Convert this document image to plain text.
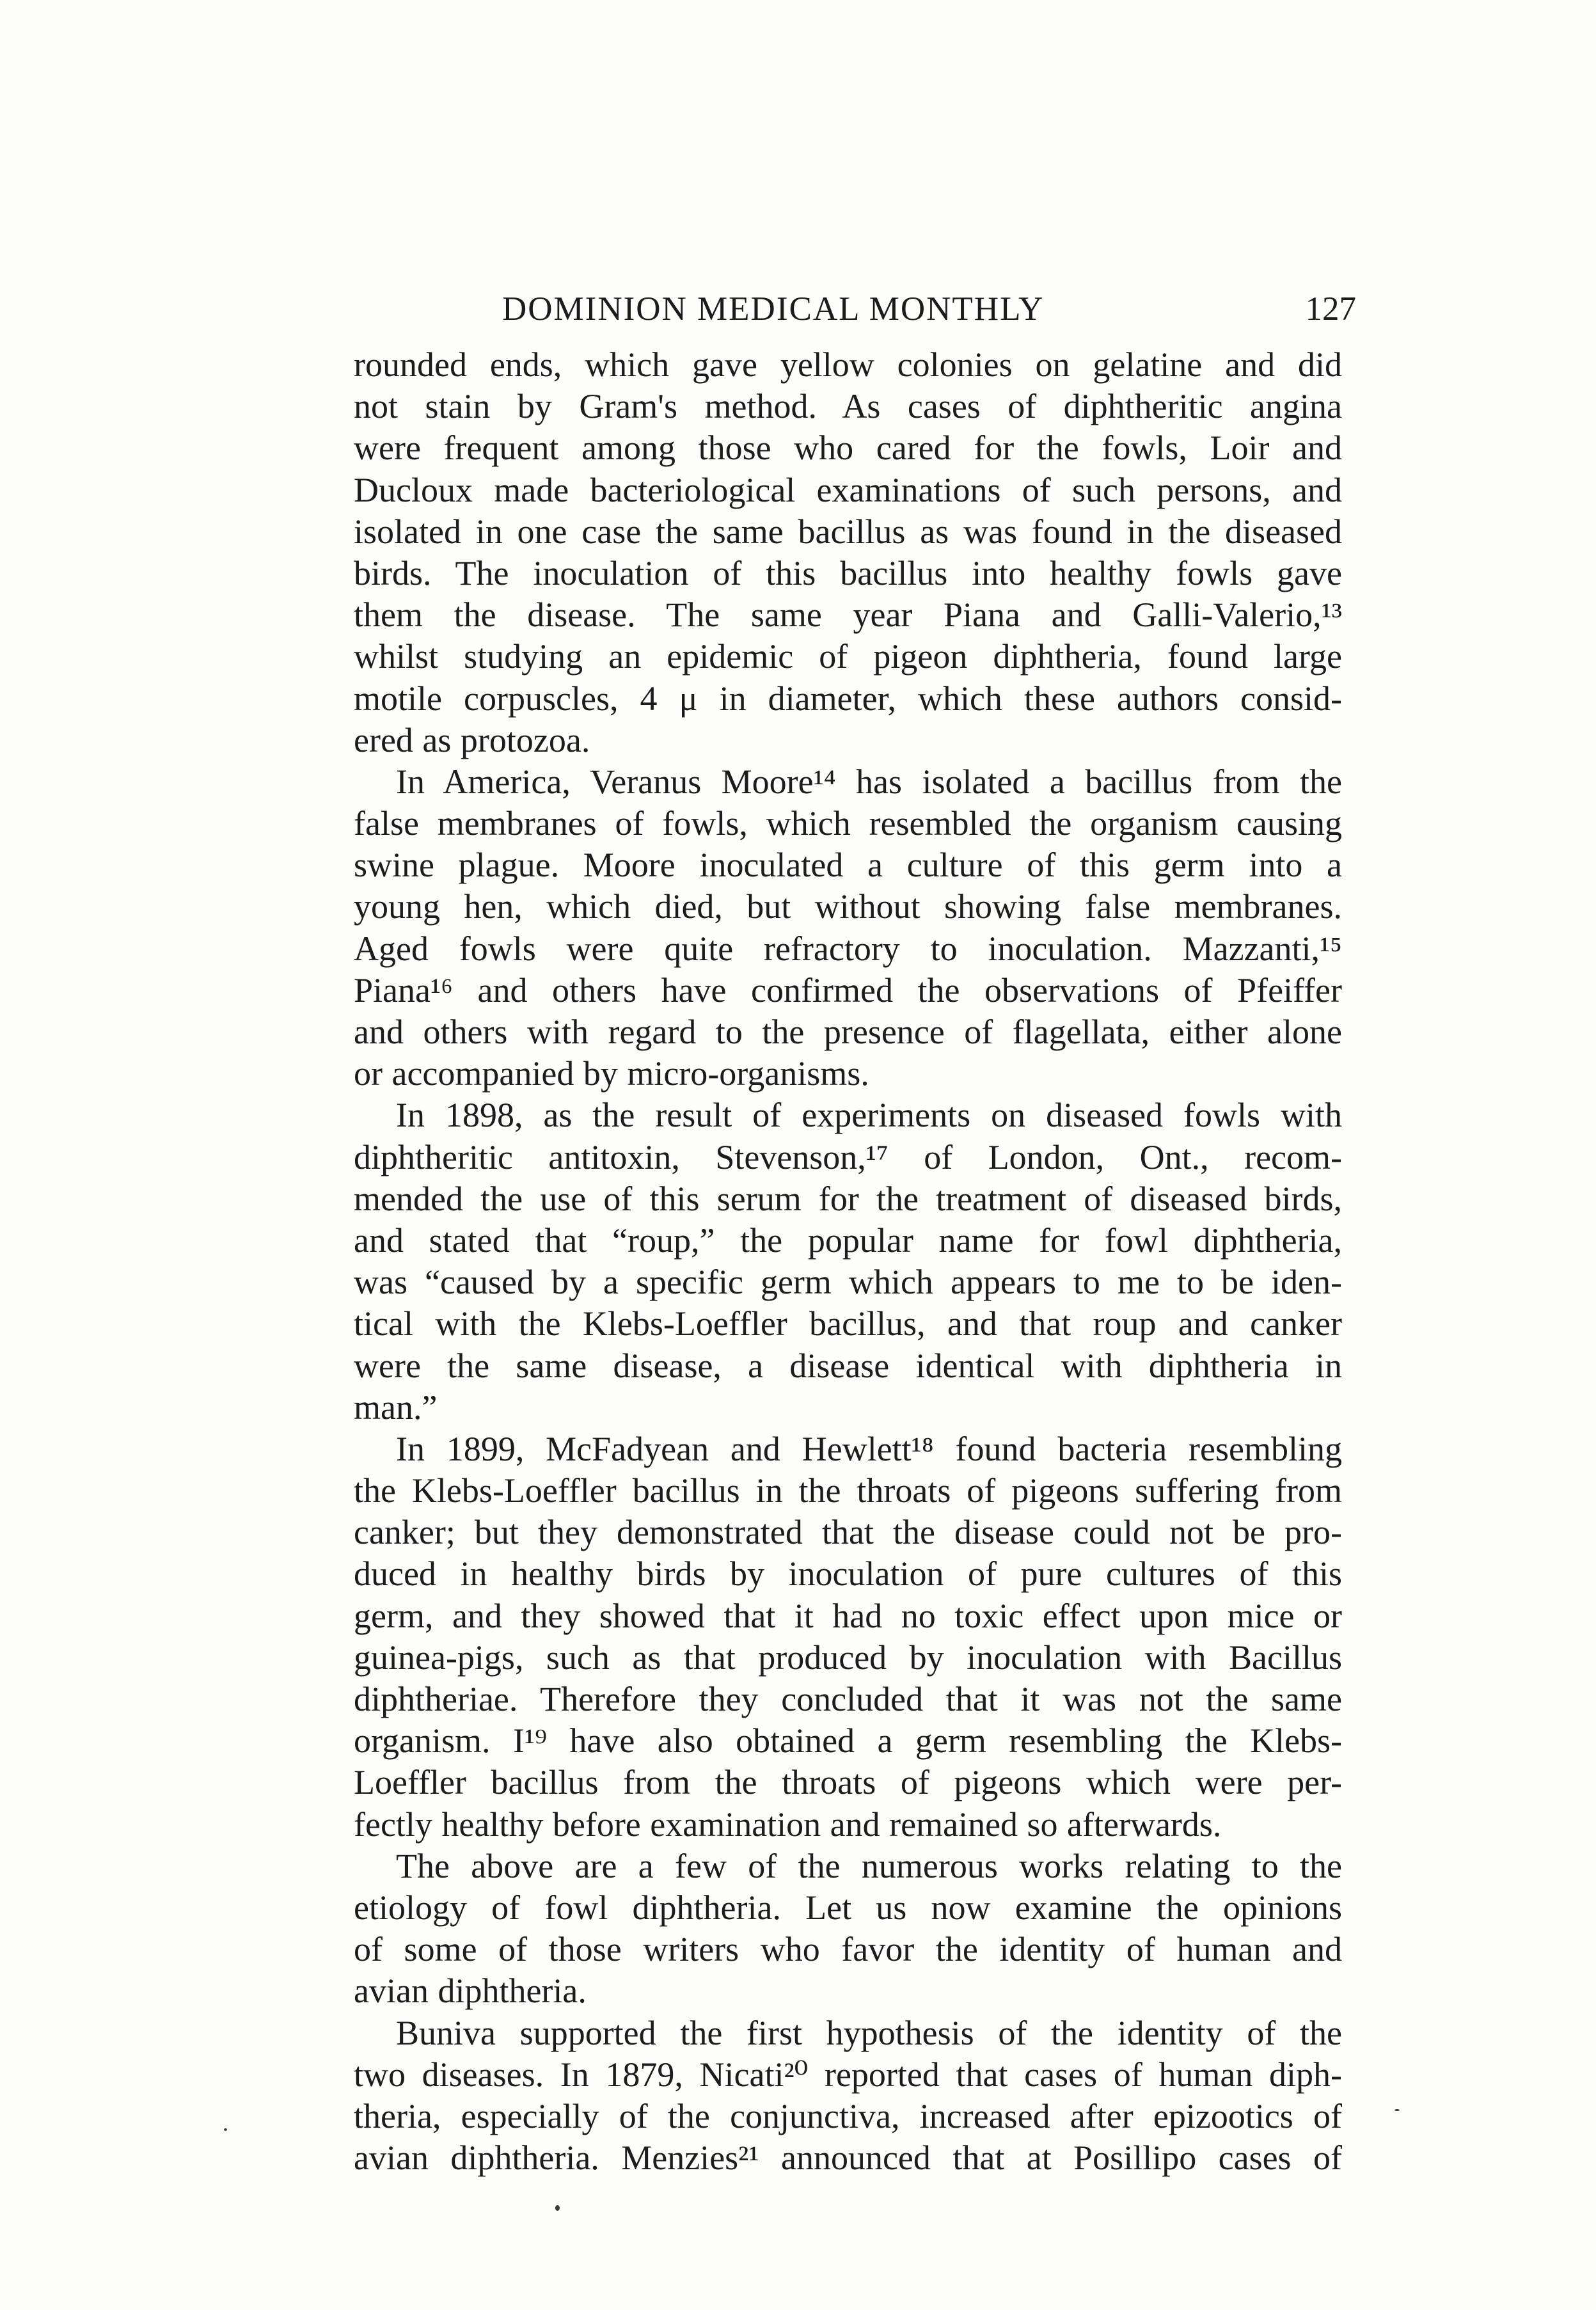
DOMINION MEDICAL MONTHLY	127
rounded ends, which gave yellow colonies on gelatine and did
not stain by Gram's method. As cases of diphtheritic angina
were frequent among those who cared for the fowls, Loir and
Ducloux made bacteriological examinations of such persons, and
isolated in one case the same bacillus as was found in the diseased
birds. The inoculation of this bacillus into healthy fowls gave
them the disease. The same year Piana and Galli-Valerio,¹³
whilst studying an epidemic of pigeon diphtheria, found large
motile corpuscles, 4 μ in diameter, which these authors consid-
ered as protozoa.
In America, Veranus Moore¹⁴ has isolated a bacillus from the
false membranes of fowls, which resembled the organism causing
swine plague. Moore inoculated a culture of this germ into a
young hen, which died, but without showing false membranes.
Aged fowls were quite refractory to inoculation. Mazzanti,¹⁵
Piana¹⁶ and others have confirmed the observations of Pfeiffer
and others with regard to the presence of flagellata, either alone
or accompanied by micro-organisms.
In 1898, as the result of experiments on diseased fowls with
diphtheritic antitoxin, Stevenson,¹⁷ of London, Ont., recom-
mended the use of this serum for the treatment of diseased birds,
and stated that “roup,” the popular name for fowl diphtheria,
was “caused by a specific germ which appears to me to be iden-
tical with the Klebs-Loeffler bacillus, and that roup and canker
were the same disease, a disease identical with diphtheria in
man.”
In 1899, McFadyean and Hewlett¹⁸ found bacteria resembling
the Klebs-Loeffler bacillus in the throats of pigeons suffering from
canker; but they demonstrated that the disease could not be pro-
duced in healthy birds by inoculation of pure cultures of this
germ, and they showed that it had no toxic effect upon mice or
guinea-pigs, such as that produced by inoculation with Bacillus
diphtheriae. Therefore they concluded that it was not the same
organism. I¹⁹ have also obtained a germ resembling the Klebs-
Loeffler bacillus from the throats of pigeons which were per-
fectly healthy before examination and remained so afterwards.
The above are a few of the numerous works relating to the
etiology of fowl diphtheria. Let us now examine the opinions
of some of those writers who favor the identity of human and
avian diphtheria.
Buniva supported the first hypothesis of the identity of the
two diseases. In 1879, Nicati²⁰ reported that cases of human diph-
theria, especially of the conjunctiva, increased after epizootics of
avian diphtheria. Menzies²¹ announced that at Posillipo cases of
